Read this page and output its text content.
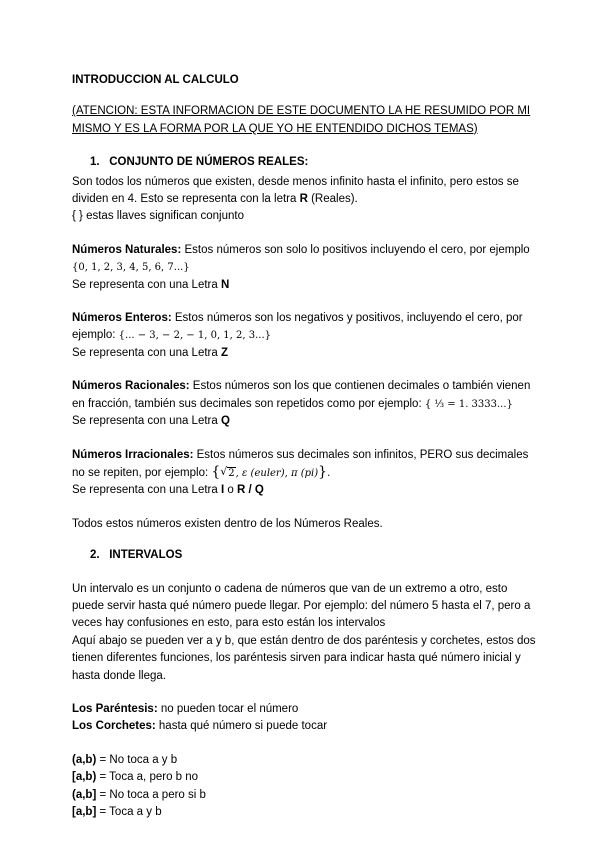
INTRODUCCION AL CALCULO

(ATENCION: ESTA INFORMACION DE ESTE DOCUMENTO LA HE RESUMIDO POR MI MISMO Y ES LA FORMA POR LA QUE YO HE ENTENDIDO DICHOS TEMAS)

1. CONJUNTO DE NÚMEROS REALES:

Son todos los números que existen, desde menos infinito hasta el infinito, pero estos se dividen en 4. Esto se representa con la letra R (Reales).

{ } estas llaves significan conjunto

Números Naturales: Estos números son solo lo positivos incluyendo el cero, por ejemplo

{0, 1, 2, 3, 4, 5, 6, 7...}

Se representa con una Letra N

Números Enteros: Estos números son los negativos y positivos, incluyendo el cero, por ejemplo: {... − 3, − 2, − 1, 0, 1, 2, 3...}

Se representa con una Letra Z

Números Racionales: Estos números son los que contienen decimales o también vienen en fracción, también sus decimales son repetidos como por ejemplo: { ⅓ = 1. 3333...}

Se representa con una Letra Q

Números Irracionales: Estos números sus decimales son infinitos, PERO sus decimales no se repiten, por ejemplo: { √ 2, ε (euler), π (pi)}.

Se representa con una Letra I o R / Q

Todos estos números existen dentro de los Números Reales.

2. INTERVALOS

Un intervalo es un conjunto o cadena de números que van de un extremo a otro, esto puede servir hasta qué número puede llegar. Por ejemplo: del número 5 hasta el 7, pero a veces hay confusiones en esto, para esto están los intervalos

Aquí abajo se pueden ver a y b, que están dentro de dos paréntesis y corchetes, estos dos tienen diferentes funciones, los paréntesis sirven para indicar hasta qué número inicial y hasta donde llega.

Los Paréntesis: no pueden tocar el número

Los Corchetes: hasta qué número si puede tocar

(a,b) = No toca a y b

[a,b) = Toca a, pero b no

(a,b] = No toca a pero si b

[a,b] = Toca a y b
